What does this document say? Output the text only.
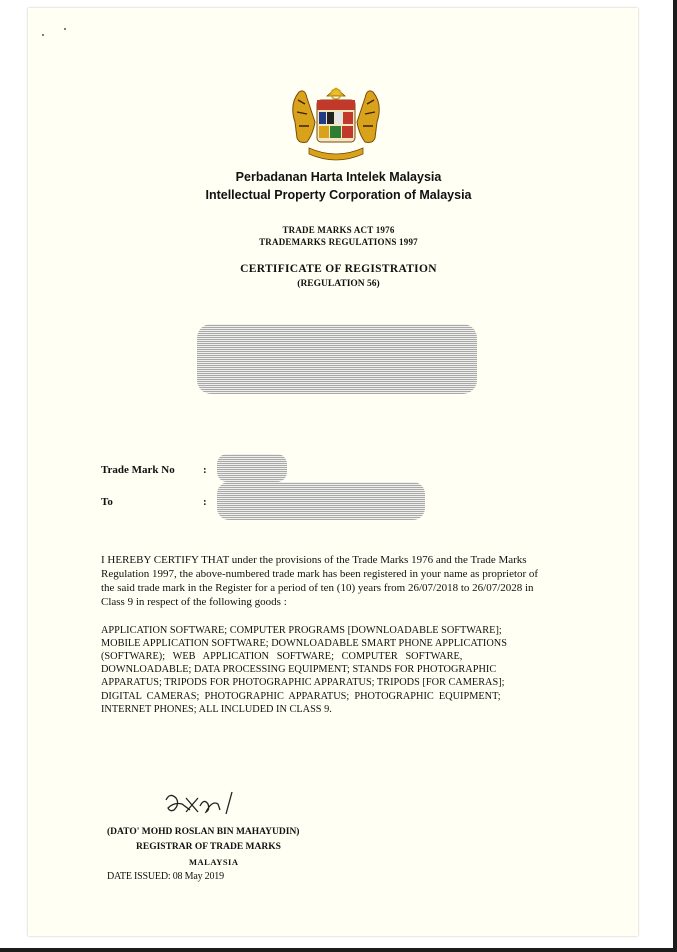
Perbadanan Harta Intelek Malaysia
Intellectual Property Corporation of Malaysia
TRADE MARKS ACT 1976
TRADEMARKS REGULATIONS 1997
CERTIFICATE OF REGISTRATION
(REGULATION 56)
Trade Mark No	:
To	:
I HEREBY CERTIFY THAT under the provisions of the Trade Marks 1976 and the Trade Marks
Regulation 1997, the above-numbered trade mark has been registered in your name as proprietor of
the said trade mark in the Register for a period of ten (10) years from 26/07/2018 to 26/07/2028 in
Class 9 in respect of the following goods :
APPLICATION SOFTWARE; COMPUTER PROGRAMS [DOWNLOADABLE SOFTWARE];
MOBILE APPLICATION SOFTWARE; DOWNLOADABLE SMART PHONE APPLICATIONS
(SOFTWARE);   WEB   APPLICATION   SOFTWARE;   COMPUTER   SOFTWARE,
DOWNLOADABLE; DATA PROCESSING EQUIPMENT; STANDS FOR PHOTOGRAPHIC
APPARATUS; TRIPODS FOR PHOTOGRAPHIC APPARATUS; TRIPODS [FOR CAMERAS];
DIGITAL  CAMERAS;  PHOTOGRAPHIC  APPARATUS;  PHOTOGRAPHIC  EQUIPMENT;
INTERNET PHONES; ALL INCLUDED IN CLASS 9.
(DATO' MOHD ROSLAN BIN MAHAYUDIN)
REGISTRAR OF TRADE MARKS
MALAYSIA
DATE ISSUED: 08 May 2019
